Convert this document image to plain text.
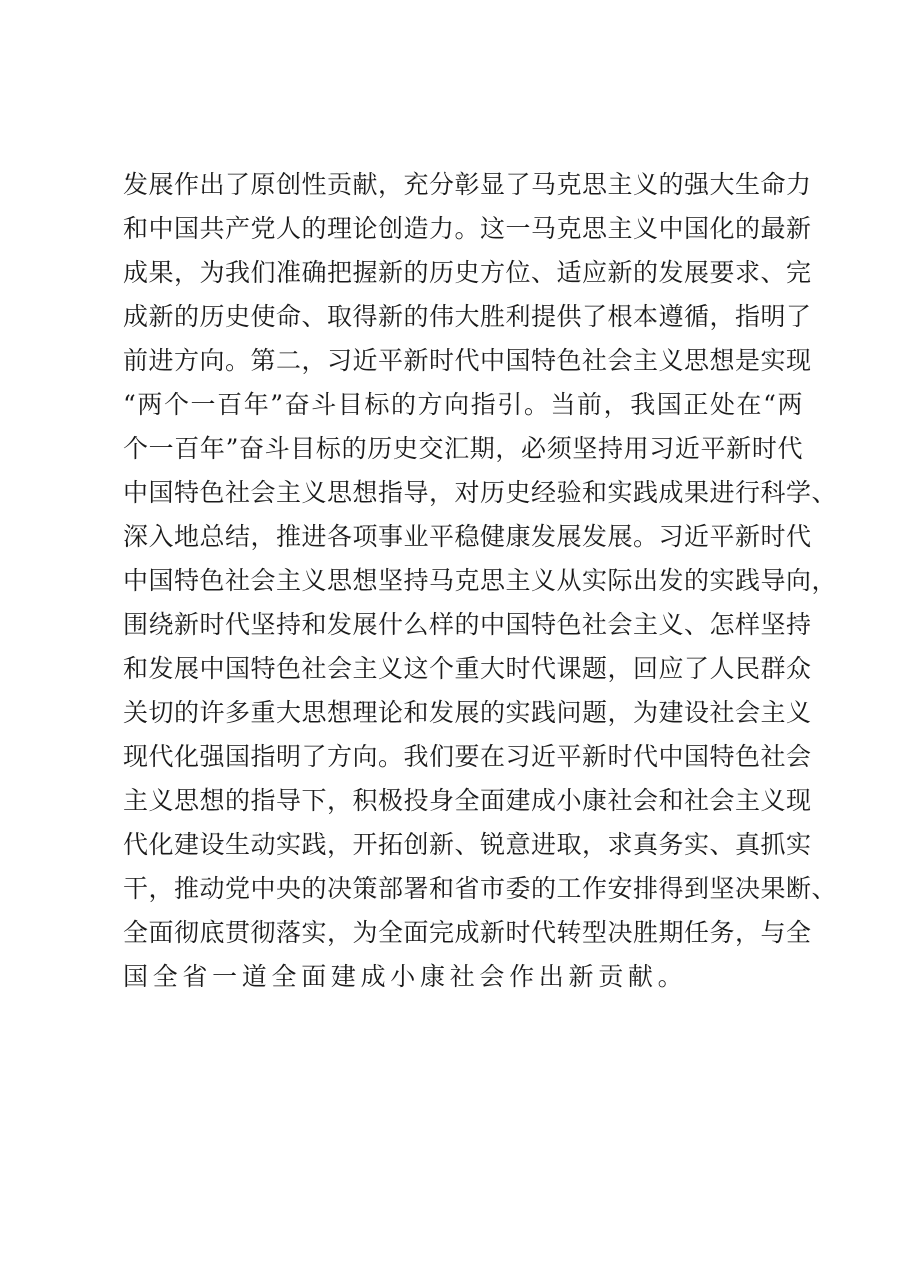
发展作出了原创性贡献，充分彰显了马克思主义的强大生命力
和中国共产党人的理论创造力。这一马克思主义中国化的最新
成果，为我们准确把握新的历史方位、适应新的发展要求、完
成新的历史使命、取得新的伟大胜利提供了根本遵循，指明了
前进方向。第二，习近平新时代中国特色社会主义思想是实现
“两个一百年”奋斗目标的方向指引。当前，我国正处在“两
个一百年”奋斗目标的历史交汇期，必须坚持用习近平新时代
中国特色社会主义思想指导，对历史经验和实践成果进行科学、
深入地总结，推进各项事业平稳健康发展发展。习近平新时代
中国特色社会主义思想坚持马克思主义从实际出发的实践导向，
围绕新时代坚持和发展什么样的中国特色社会主义、怎样坚持
和发展中国特色社会主义这个重大时代课题，回应了人民群众
关切的许多重大思想理论和发展的实践问题，为建设社会主义
现代化强国指明了方向。我们要在习近平新时代中国特色社会
主义思想的指导下，积极投身全面建成小康社会和社会主义现
代化建设生动实践，开拓创新、锐意进取，求真务实、真抓实
干，推动党中央的决策部署和省市委的工作安排得到坚决果断、
全面彻底贯彻落实，为全面完成新时代转型决胜期任务，与全
国全省一道全面建成小康社会作出新贡献。
